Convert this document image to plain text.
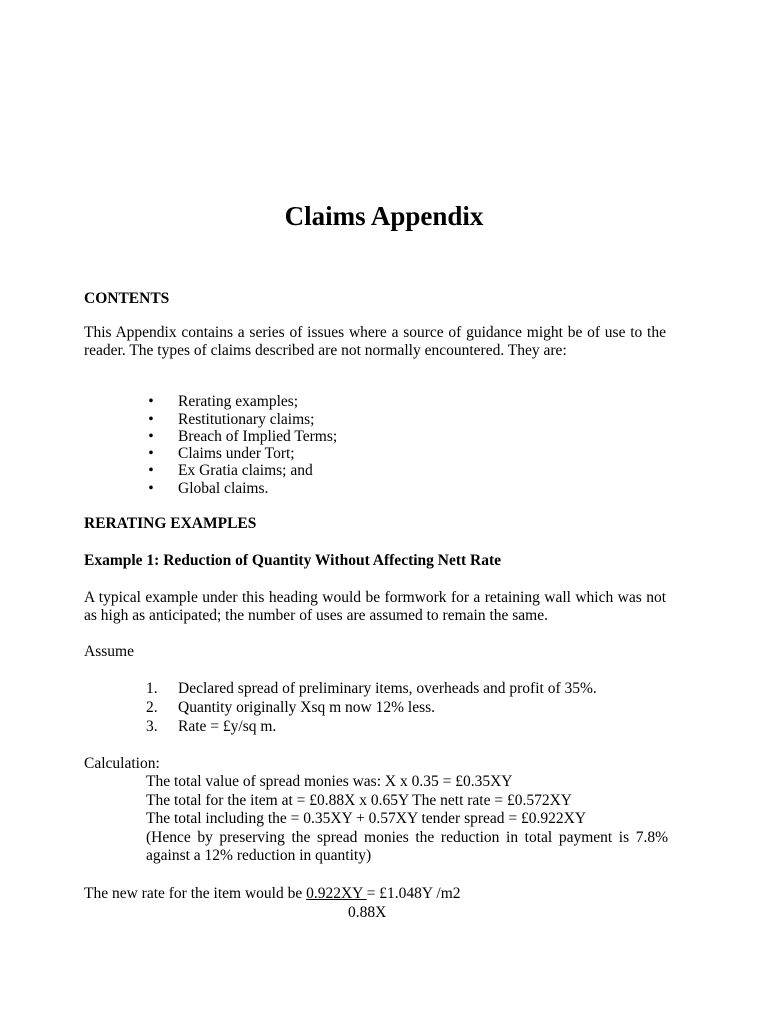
Claims Appendix
CONTENTS

This Appendix contains a series of issues where a source of guidance might be of use to the reader. The types of claims described are not normally encountered. They are:

• Rerating examples;
• Restitutionary claims;
• Breach of Implied Terms;
• Claims under Tort;
• Ex Gratia claims; and
• Global claims.
RERATING EXAMPLES
Example 1: Reduction of Quantity Without Affecting Nett Rate

A typical example under this heading would be formwork for a retaining wall which was not as high as anticipated; the number of uses are assumed to remain the same.

Assume

1. Declared spread of preliminary items, overheads and profit of 35%.
2. Quantity originally Xsq m now 12% less.
3. Rate = £y/sq m.

Calculation:

The total value of spread monies was: X x 0.35 = £0.35XY

The total for the item at = £0.88X x 0.65Y The nett rate = £0.572XY

The total including the = 0.35XY + 0.57XY tender spread = £0.922XY

(Hence by preserving the spread monies the reduction in total payment is 7.8% against a 12% reduction in quantity)

The new rate for the item would be 0.922XY = £1.048Y /m2

0.88X
